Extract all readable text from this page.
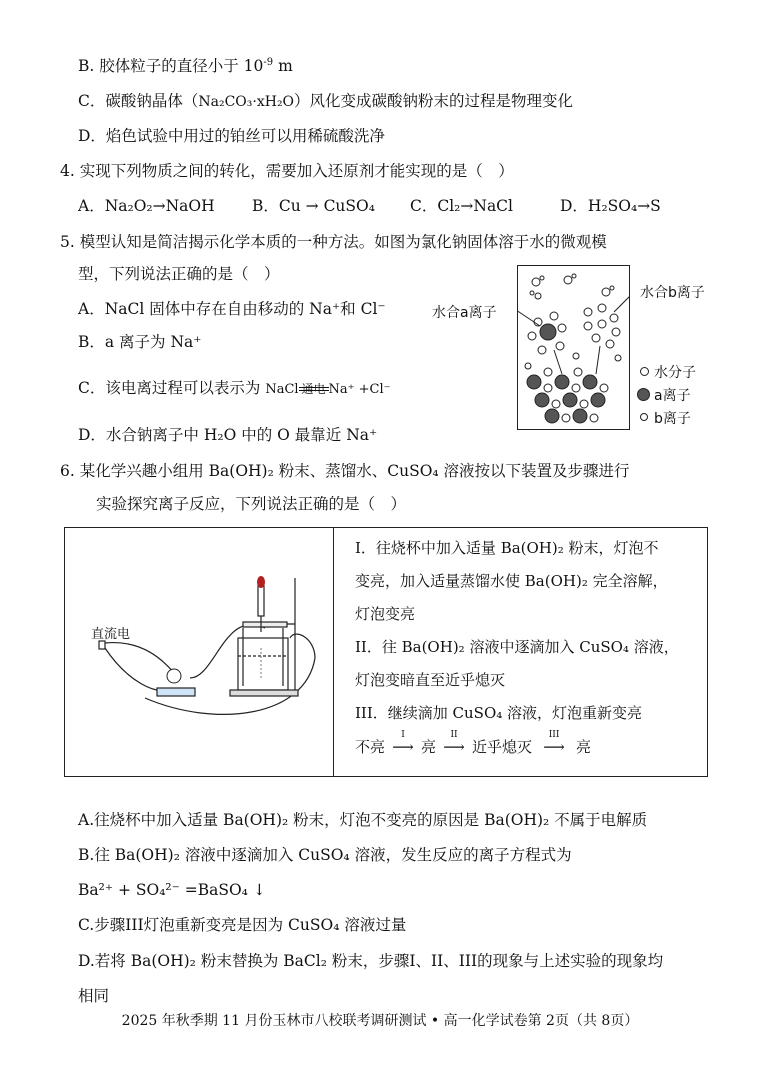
B. 胶体粒子的直径小于 $10^{-9}$ m
C．碳酸钠晶体（Na₂CO₃·xH₂O）风化变成碳酸钠粉末的过程是物理变化
D．焰色试验中用过的铂丝可以用稀硫酸洗净
4. 实现下列物质之间的转化，需要加入还原剂才能实现的是（　）
A．Na₂O₂→NaOH B．Cu → CuSO₄ C．Cl₂→NaCl	D．H₂SO₄→S
5. 模型认知是简洁揭示化学本质的一种方法。如图为氯化钠固体溶于水的微观模
型，下列说法正确的是（　）
A．NaCl 固体中存在自由移动的 Na⁺和 Cl⁻
B．a 离子为 Na⁺
C．该电离过程可以表示为 NaCl 通电 Na⁺ +Cl⁻
D．水合钠离子中 H₂O 中的 O 最靠近 Na⁺
水合a离子
水合b离子
水分子
a离子
b离子
6. 某化学兴趣小组用 Ba(OH)₂ 粉末、蒸馏水、CuSO₄ 溶液按以下装置及步骤进行
实验探究离子反应，下列说法正确的是（　）
直流电
I．往烧杯中加入适量 Ba(OH)₂ 粉末，灯泡不
变亮，加入适量蒸馏水使 Ba(OH)₂ 完全溶解，
灯泡变亮
II．往 Ba(OH)₂ 溶液中逐滴加入 CuSO₄ 溶液，
灯泡变暗直至近乎熄灭
III．继续滴加 CuSO₄ 溶液，灯泡重新变亮
不亮
I
⟶ 亮
II
⟶ 近乎熄灭
III
⟶ 亮
A.往烧杯中加入适量 Ba(OH)₂ 粉末，灯泡不变亮的原因是 Ba(OH)₂ 不属于电解质
B.往 Ba(OH)₂ 溶液中逐滴加入 CuSO₄ 溶液，发生反应的离子方程式为
Ba²⁺ + SO₄²⁻ =BaSO₄ ↓
C.步骤III灯泡重新变亮是因为 CuSO₄ 溶液过量
D.若将 Ba(OH)₂ 粉末替换为 BaCl₂ 粉末，步骤I、II、III的现象与上述实验的现象均
相同
2025 年秋季期 11 月份玉林市八校联考调研测试 • 高一化学试卷第 2页（共 8页）
